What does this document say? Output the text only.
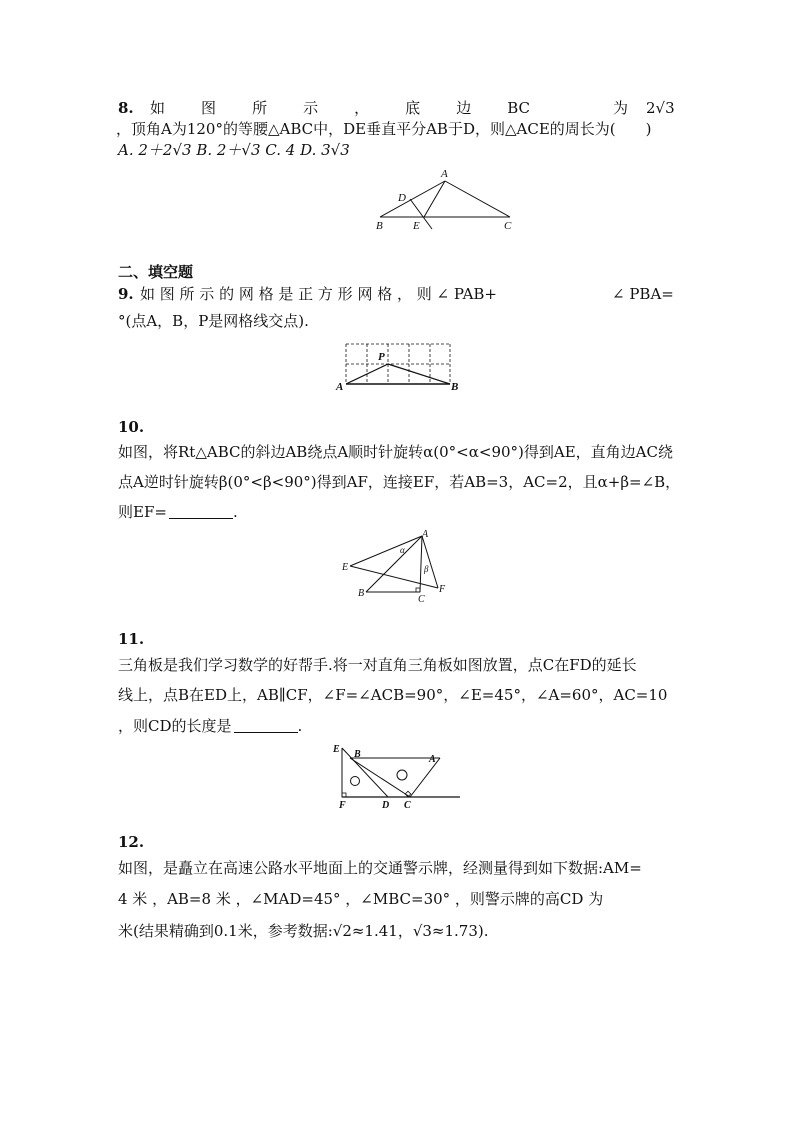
8. 如 图 所 示 ， 底 边 BC	为 2√3
，顶角A为120°的等腰△ABC中，DE垂直平分AB于D，则△ACE的周长为(　　)
A. 2＋2√3 B. 2＋√3 C. 4 D. 3√3
A
D
B	E	C
二、填空题
9. 如 图 所 示 的 网 格 是 正 方 形 网 格 ， 则 ∠ PAB+	∠ PBA=
°(点A，B，P是网格线交点).
P
A	B
10.
如图，将Rt△ABC的斜边AB绕点A顺时针旋转α(0°<α<90°)得到AE，直角边AC绕
点A逆时针旋转β(0°<β<90°)得到AF，连接EF，若AB=3，AC=2，且α+β=∠B，
则EF=	.
A
α
E	β
F
B
C
11.
三角板是我们学习数学的好帮手.将一对直角三角板如图放置，点C在FD的延长
线上，点B在ED上，AB∥CF，∠F=∠ACB=90°，∠E=45°，∠A=60°，AC=10
，则CD的长度是	.
E B	A
F	D C
12.
如图，是矗立在高速公路水平地面上的交通警示牌，经测量得到如下数据:AM=
4 米 ，AB=8 米 ，∠MAD=45° ，∠MBC=30° ，则警示牌的高CD 为
米(结果精确到0.1米，参考数据:√2≈1.41，√3≈1.73).
